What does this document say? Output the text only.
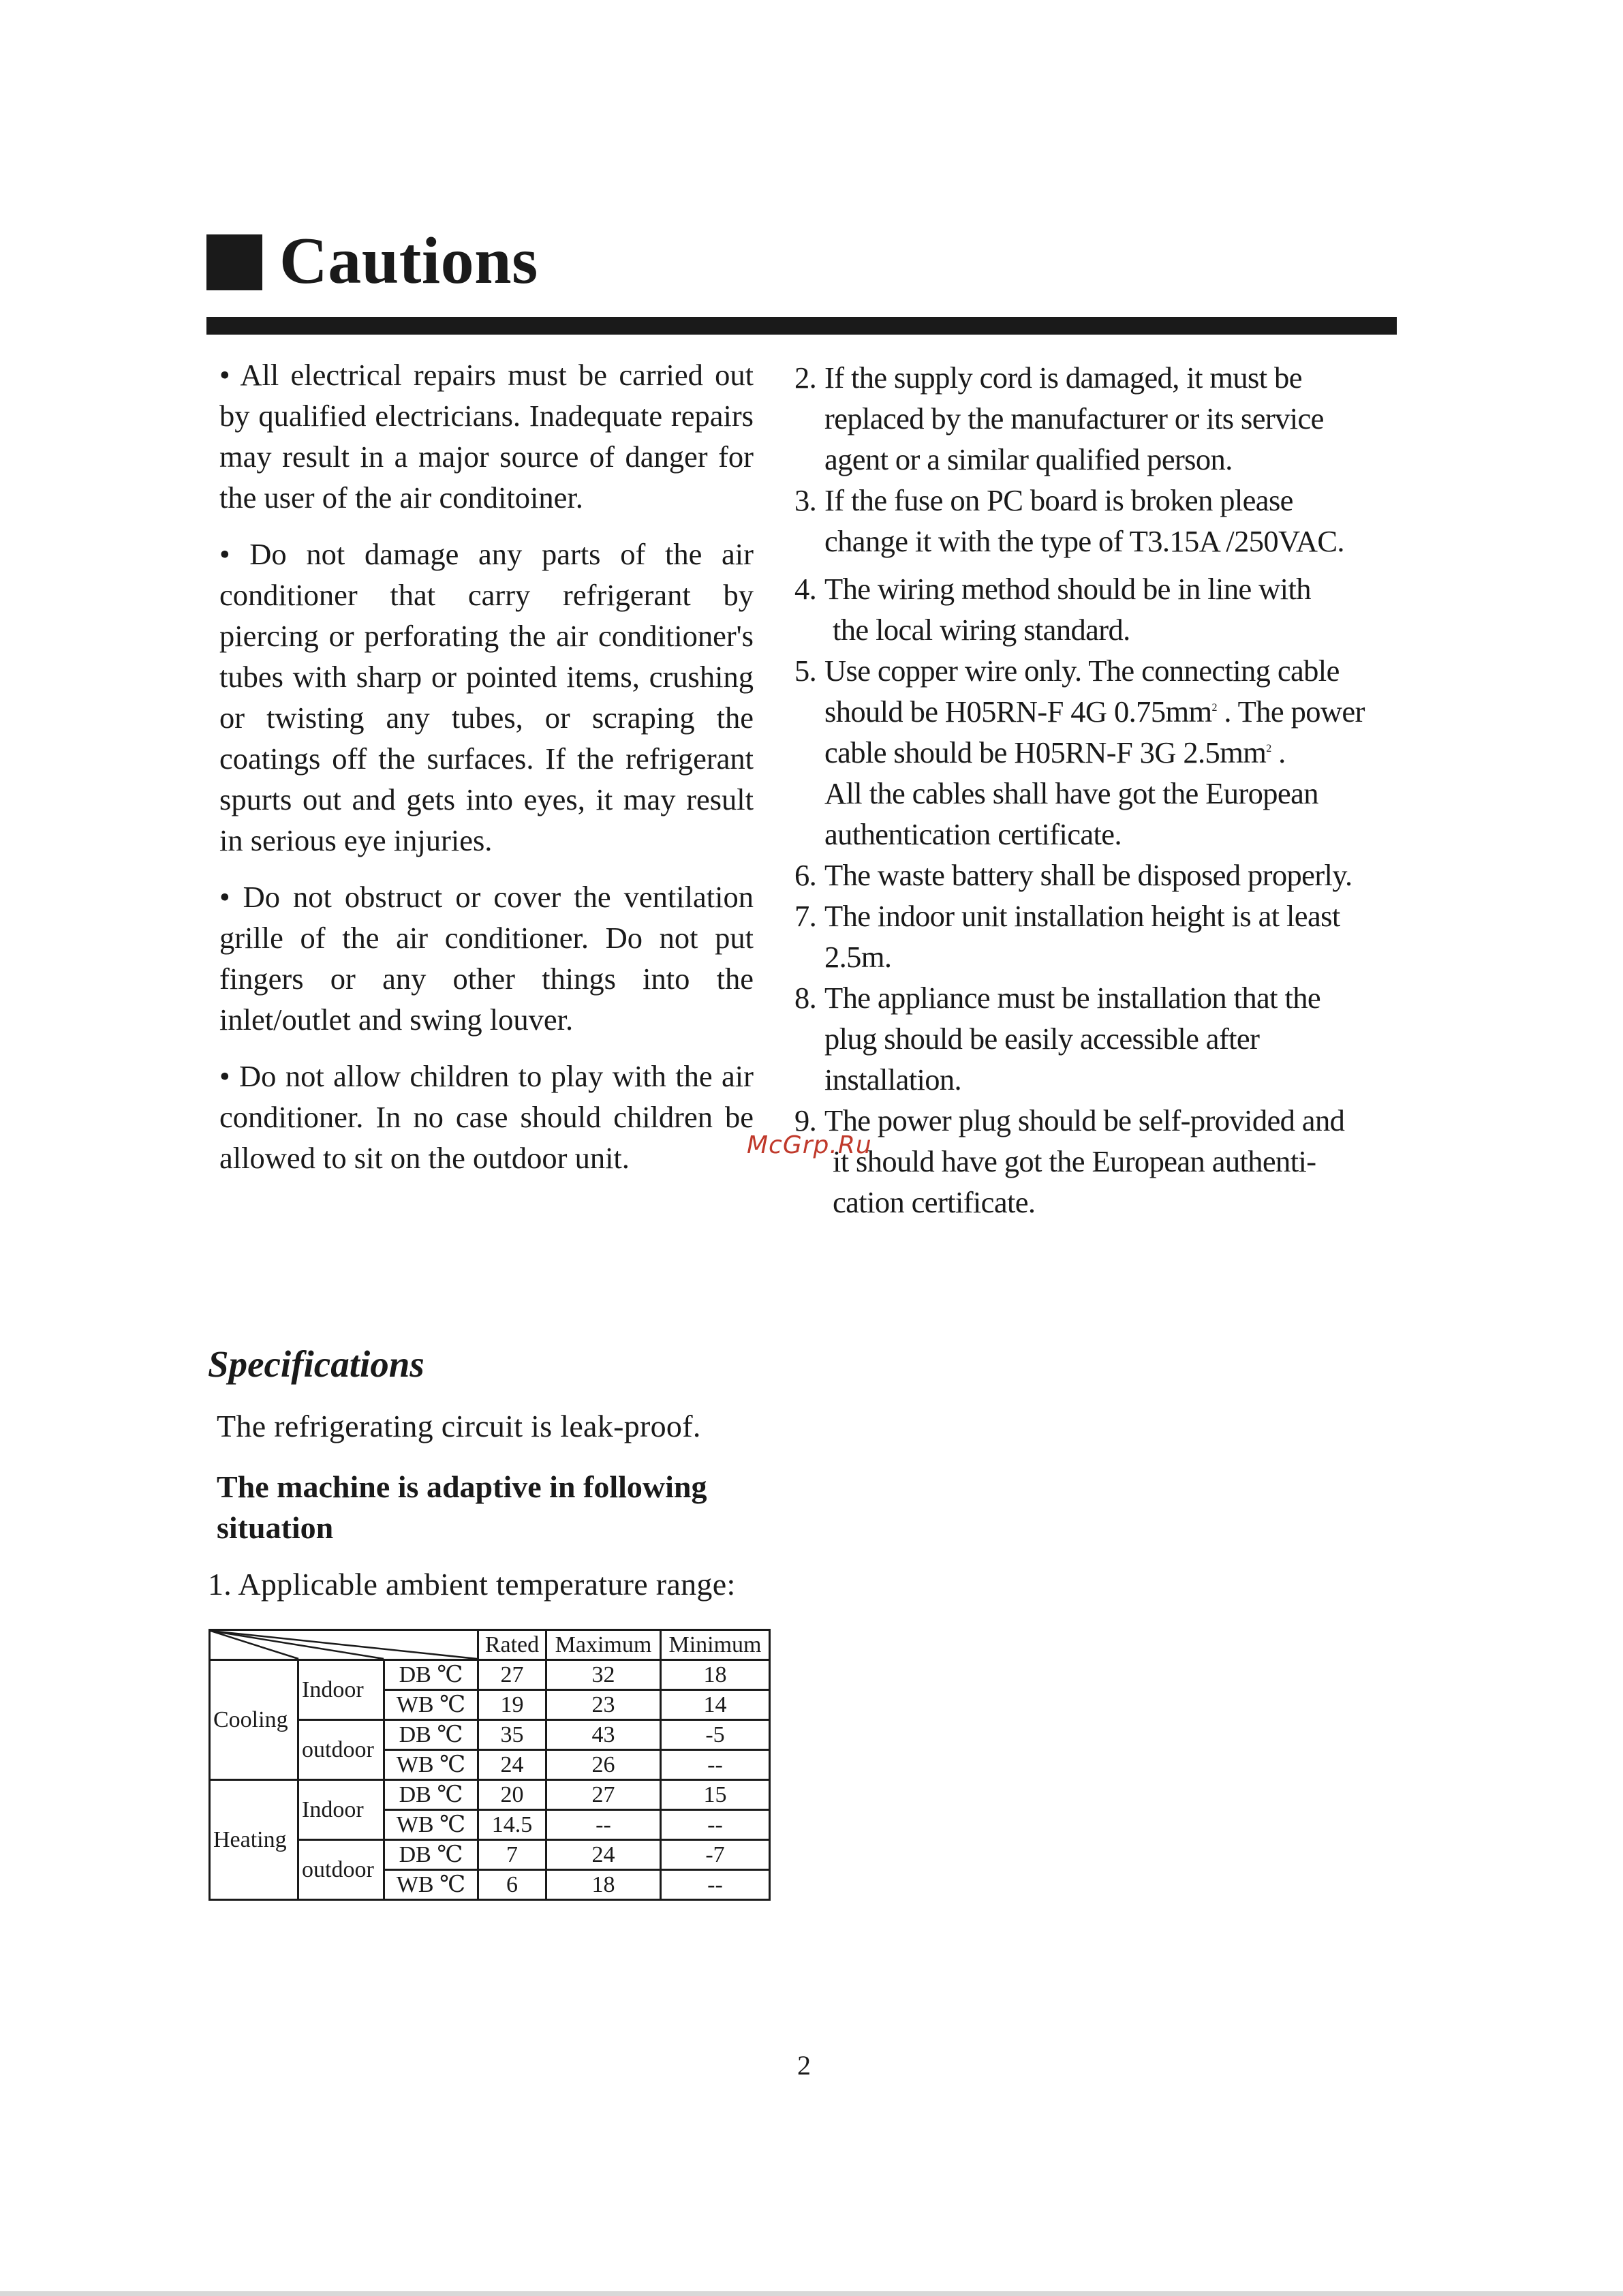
Cautions

• All electrical repairs must be carried out by qualified electricians. Inadequate repairs may result in a major source of danger for the user of the air conditoiner.

• Do not damage any parts of the air conditioner that carry refrigerant by piercing or perforating the air conditioner's tubes with sharp or pointed items, crushing or twisting any tubes, or scraping the coatings off the surfaces. If the refrigerant spurts out and gets into eyes, it may result in serious eye injuries.

• Do not obstruct or cover the ventilation grille of the air conditioner. Do not put fingers or any other things into the inlet/outlet and swing louver.

• Do not allow children to play with the air conditioner. In no case should children be allowed to sit on the outdoor unit.

2. If the supply cord is damaged, it must be
replaced by the manufacturer or its service
agent or a similar qualified person.
3. If the fuse on PC board is broken please
change it with the type of T3.15A /250VAC.
4. The wiring method should be in line with
the local wiring standard.
5. Use copper wire only. The connecting cable
should be H05RN-F 4G $0.75mm^2$ . The power
cable should be H05RN-F 3G $2.5mm^2$ .
All the cables shall have got the European
authentication certificate.
6. The waste battery shall be disposed properly.
7. The indoor unit installation height is at least
2.5m.
8. The appliance must be installation that the
plug should be easily accessible after
installation.
9. The power plug should be self-provided and
it should have got the European authenti-
cation certificate.
McGrp.Ru
Specifications
The refrigerating circuit is leak-proof.
The machine is adaptive in following situation
1. Applicable ambient temperature range:
	Rated	Maximum	Minimum
Cooling	Indoor	DB ℃	27	32	18
		WB ℃	19	23	14
	outdoor	DB ℃	35	43	-5
		WB ℃	24	26	--
Heating	Indoor	DB ℃	20	27	15
		WB ℃	14.5	--	--
	outdoor	DB ℃	7	24	-7
		WB ℃	6	18	--
2
